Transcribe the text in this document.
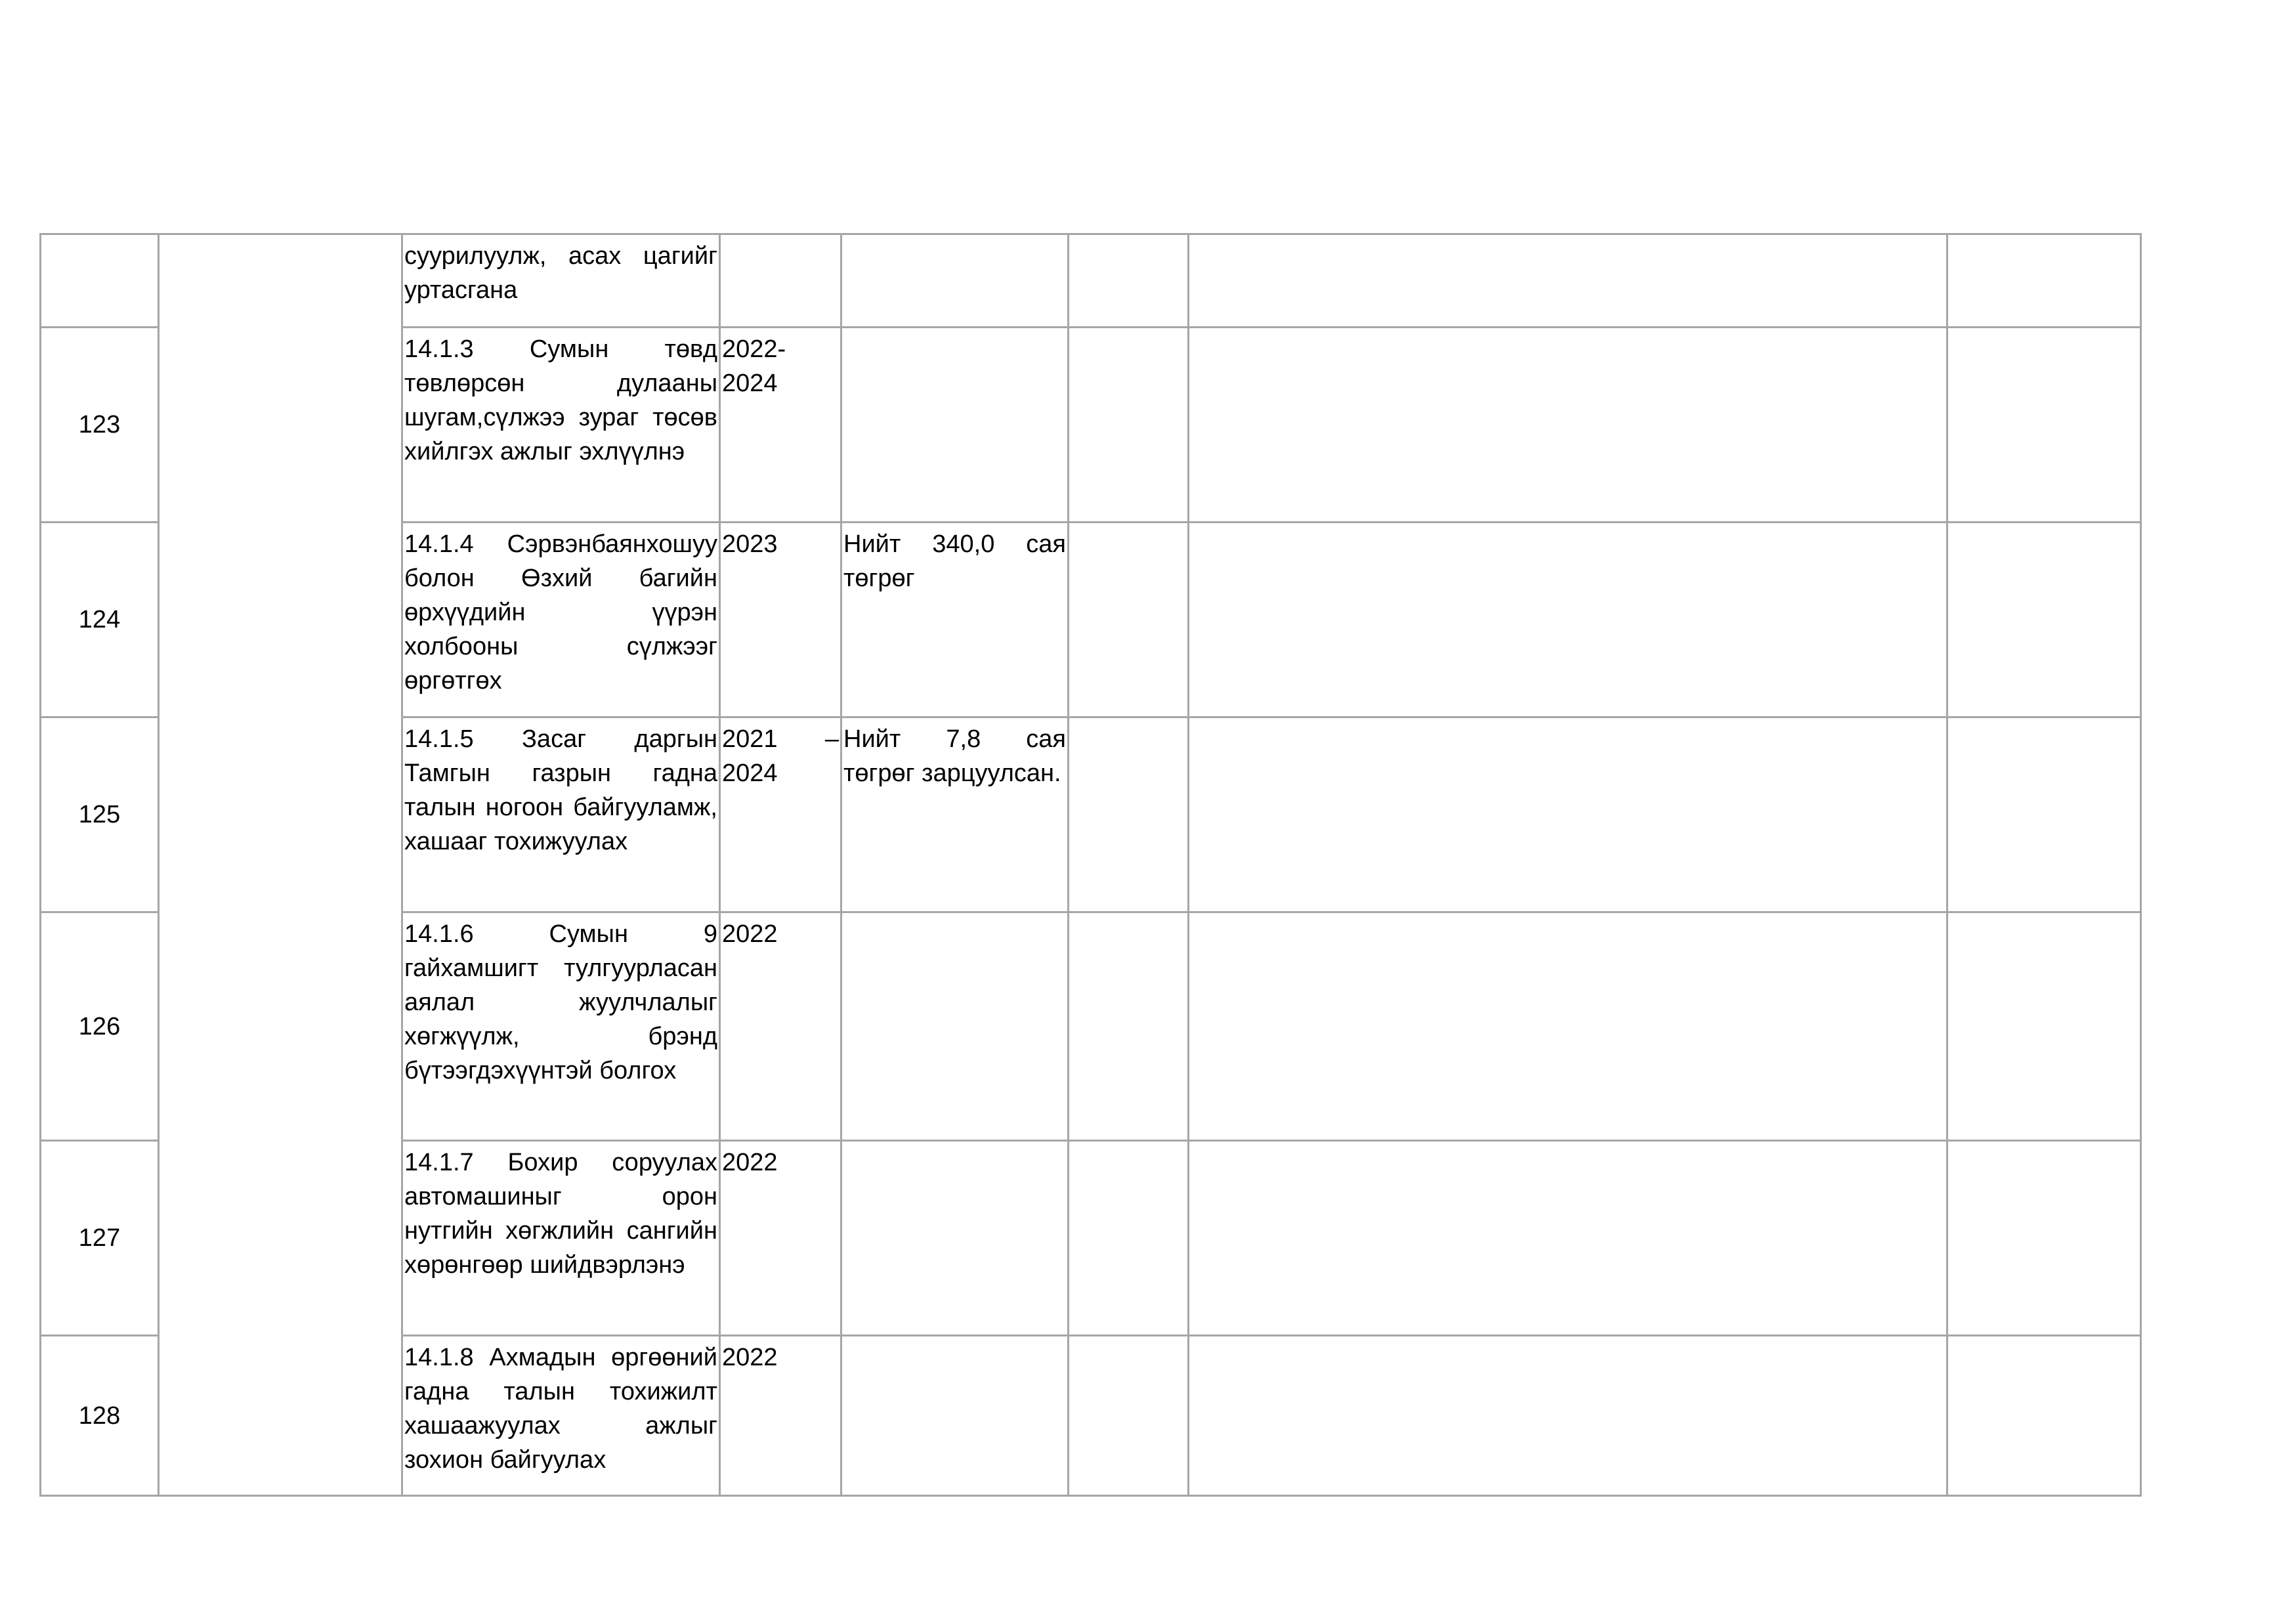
		суурилуулж, асах цагийг уртасгана					

123		14.1.3 Сумын төвд төвлөрсөн дулааны шугам,сүлжээ зураг төсөв хийлгэх ажлыг эхлүүлнэ	2022-2024				

124		14.1.4 Сэрвэнбаянхошуу болон Өзхий багийн өрхүүдийн үүрэн холбооны сүлжээг өргөтгөх	2023	Нийт 340,0 сая төгрөг			

125		14.1.5 Засаг даргын Тамгын газрын гадна талын ногоон байгууламж, хашааг тохижуулах	2021 –2024	Нийт 7,8 сая төгрөг зарцуулсан.			

126		14.1.6 Сумын 9 гайхамшигт тулгуурласан аялал жуулчлалыг хөгжүүлж, брэнд бүтээгдэхүүнтэй болгох	2022				

127		14.1.7 Бохир соруулах автомашиныг орон нутгийн хөгжлийн сангийн хөрөнгөөр шийдвэрлэнэ	2022				

128		14.1.8 Ахмадын өргөөний гадна талын тохижилт хашаажуулах ажлыг зохион байгуулах	2022				
